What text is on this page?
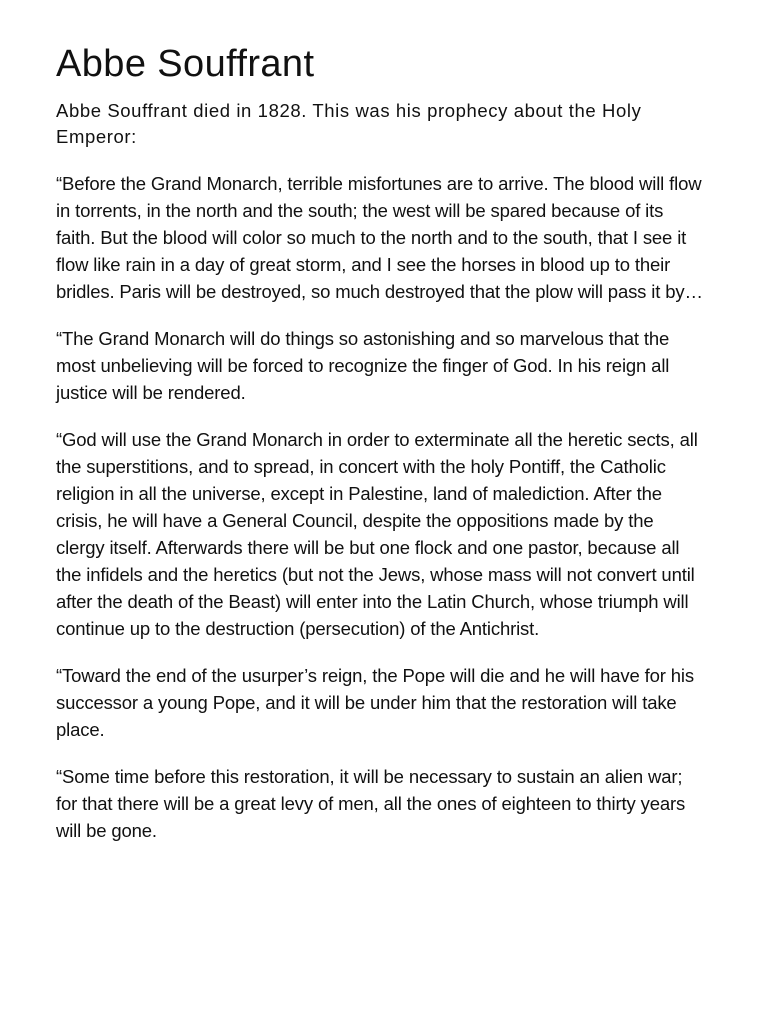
Abbe Souffrant

Abbe Souffrant died in 1828. This was his prophecy about the Holy Emperor:

“Before the Grand Monarch, terrible misfortunes are to arrive. The blood will flow in torrents, in the north and the south; the west will be spared because of its faith. But the blood will color so much to the north and to the south, that I see it flow like rain in a day of great storm, and I see the horses in blood up to their bridles. Paris will be destroyed, so much destroyed that the plow will pass it by…

“The Grand Monarch will do things so astonishing and so marvelous that the most unbelieving will be forced to recognize the finger of God. In his reign all justice will be rendered.

“God will use the Grand Monarch in order to exterminate all the heretic sects, all the superstitions, and to spread, in concert with the holy Pontiff, the Catholic religion in all the universe, except in Palestine, land of malediction. After the crisis, he will have a General Council, despite the oppositions made by the clergy itself. Afterwards there will be but one flock and one pastor, because all the infidels and the heretics (but not the Jews, whose mass will not convert until after the death of the Beast) will enter into the Latin Church, whose triumph will continue up to the destruction (persecution) of the Antichrist.

“Toward the end of the usurper’s reign, the Pope will die and he will have for his successor a young Pope, and it will be under him that the restoration will take place.

“Some time before this restoration, it will be necessary to sustain an alien war; for that there will be a great levy of men, all the ones of eighteen to thirty years will be gone.
